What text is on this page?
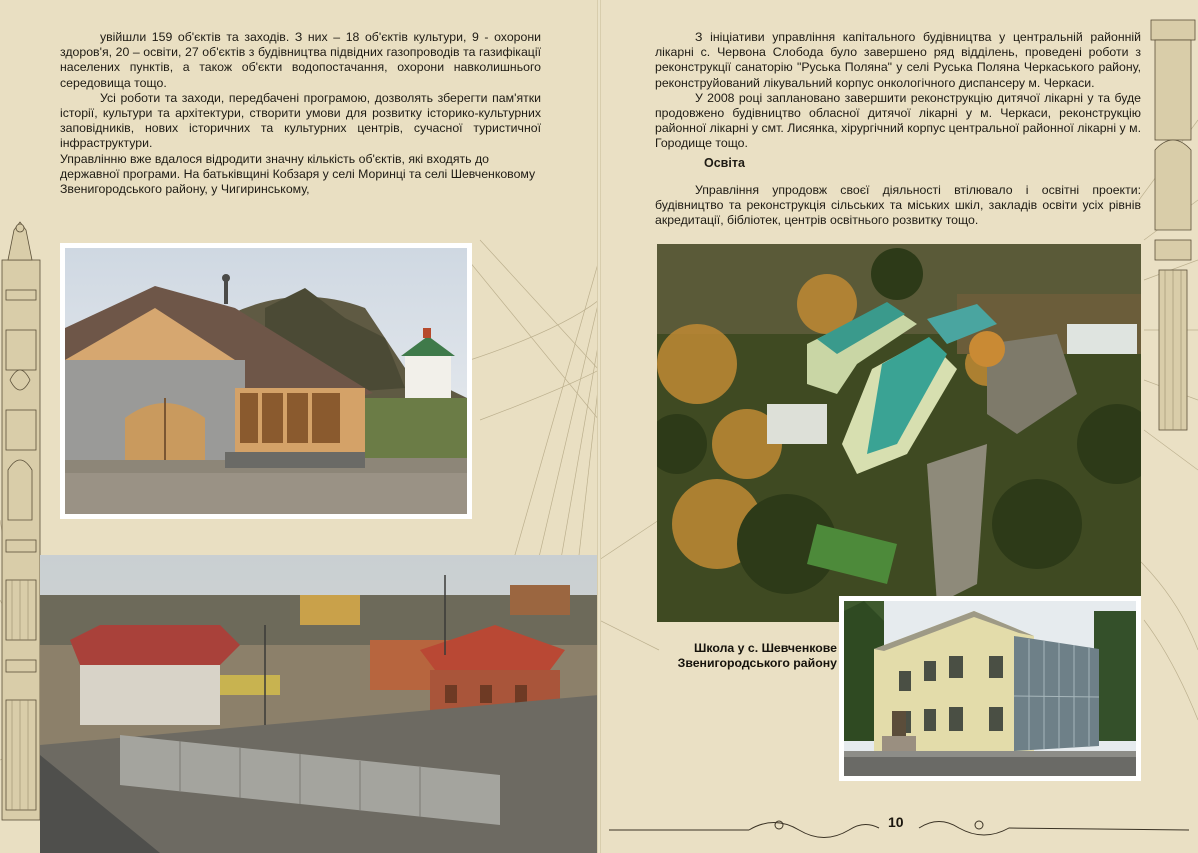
увійшли 159 об'єктів та заходів. З них – 18 об'єктів культури, 9 - охорони здоров'я, 20 – освіти, 27 об'єктів з будівництва підвідних газопроводів та газифікації населених пунктів, а також об'єкти водопостачання, охорони навколишнього середовища тощо.

Усі роботи та заходи, передбачені програмою, дозволять зберегти пам'ятки історії, культури та архітектури, створити умови для розвитку історико-культурних заповідників, нових історичних та культурних центрів, сучасної туристичної інфраструктури.

Управлінню вже вдалося відродити значну кількість об'єктів, які входять до державної програми. На батьківщині Кобзаря у селі Моринці та селі Шевченковому Звенигородського району, у Чигиринському,

З ініціативи управління капітального будівництва у центральній районній лікарні с. Червона Слобода було завершено ряд відділень, проведені роботи з реконструкції санаторію "Руська Поляна" у селі Руська Поляна Черкаського району, реконструйований лікувальний корпус онкологічного диспансеру м. Черкаси.

У 2008 році заплановано завершити реконструкцію дитячої лікарні у та буде продовжено будівництво обласної дитячої лікарні у м. Черкаси, реконструкцію районної лікарні у смт. Лисянка, хірургічний корпус центральної районної лікарні у м. Городище тощо.

Освіта

Управління упродовж своєї діяльності втілювало і освітні проекти: будівництво та реконструкція сільських та міських шкіл, закладів освіти усіх рівнів акредитації, бібліотек, центрів освітнього розвитку тощо.

Школа у с. Шевченкове
Звенигородського району
10
